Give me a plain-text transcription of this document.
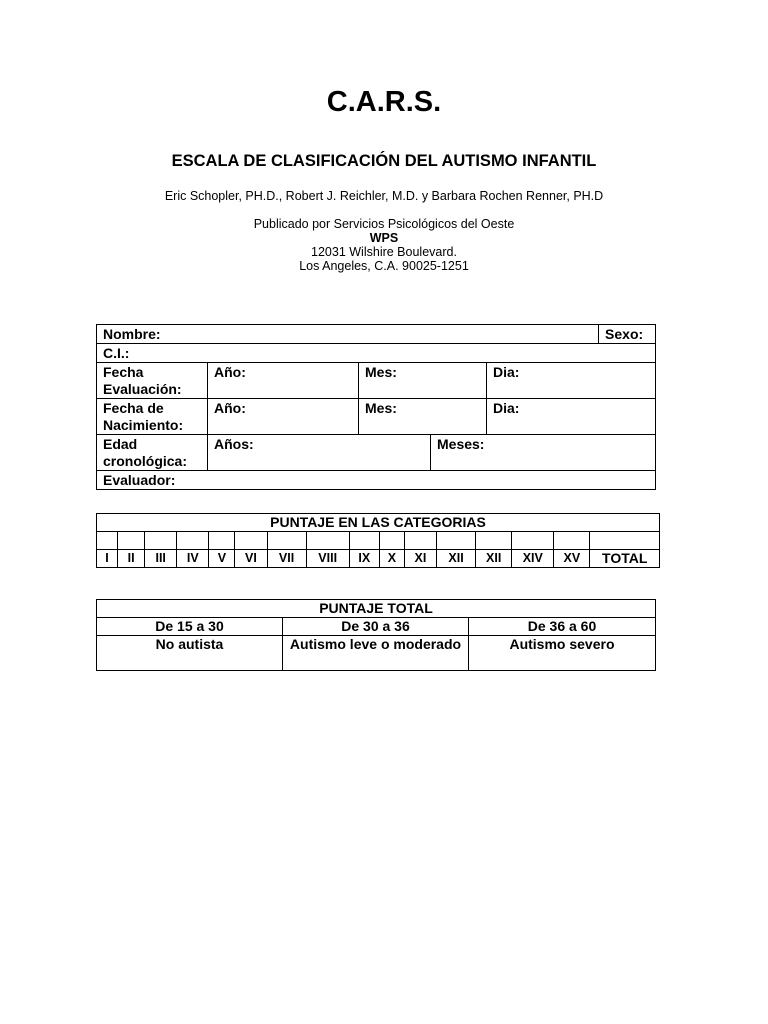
C.A.R.S.
ESCALA DE CLASIFICACIÓN DEL AUTISMO INFANTIL
Eric Schopler, PH.D., Robert J. Reichler, M.D. y Barbara Rochen Renner, PH.D
Publicado por Servicios Psicológicos del Oeste
WPS
12031 Wilshire Boulevard.
Los Angeles, C.A. 90025-1251
Nombre:					Sexo:
C.I.:					
Fecha
Evaluación:	Año:	Mes:		Dia:	
Fecha de
Nacimiento:	Año:	Mes:		Dia:	
Edad
cronológica:	Años:		Meses:		
Evaluador:					
PUNTAJE EN LAS CATEGORIAS															

I	II	III	IV	V	VI	VII	VIII	IX	X	XI	XII	XII	XIV	XV	TOTAL
PUNTAJE TOTAL		
De 15 a 30	De 30 a 36	De 36 a 60
No autista	Autismo leve o moderado	Autismo severo
